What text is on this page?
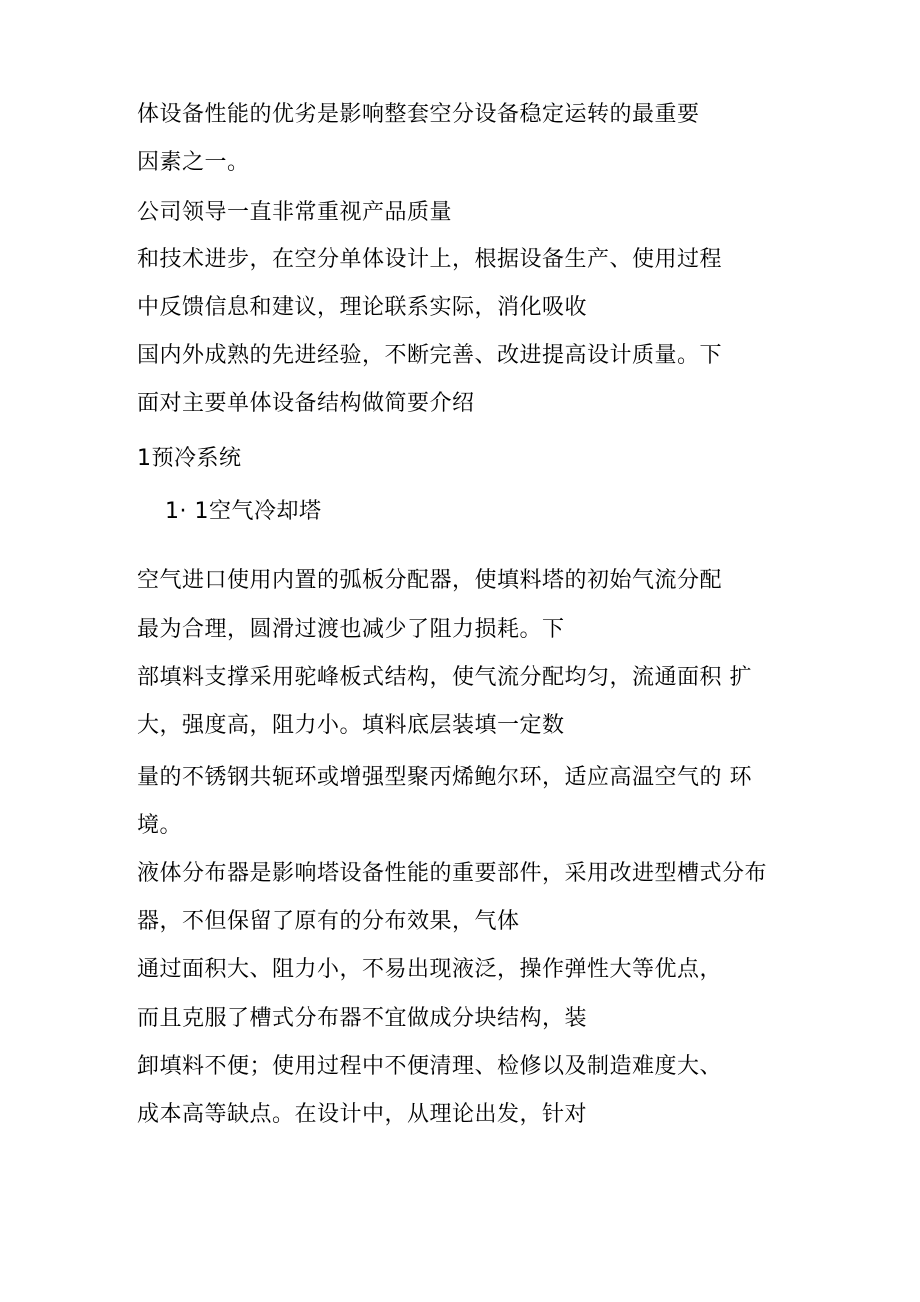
体设备性能的优劣是影响整套空分设备稳定运转的最重要
因素之一。
公司领导一直非常重视产品质量
和技术进步，在空分单体设计上，根据设备生产、使用过程
中反馈信息和建议，理论联系实际，消化吸收
国内外成熟的先进经验，不断完善、改进提高设计质量。下
面对主要单体设备结构做简要介绍
1预冷系统
1· 1空气冷却塔
空气进口使用内置的弧板分配器，使填料塔的初始气流分配
最为合理，圆滑过渡也减少了阻力损耗。下
部填料支撑采用驼峰板式结构，使气流分配均匀，流通面积 扩
大，强度高，阻力小。填料底层装填一定数
量的不锈钢共轭环或增强型聚丙烯鲍尔环，适应高温空气的 环
境。
液体分布器是影响塔设备性能的重要部件，采用改进型槽式分布
器，不但保留了原有的分布效果，气体
通过面积大、阻力小，不易出现液泛，操作弹性大等优点，
而且克服了槽式分布器不宜做成分块结构，装
卸填料不便；使用过程中不便清理、检修以及制造难度大、
成本高等缺点。在设计中，从理论出发，针对
